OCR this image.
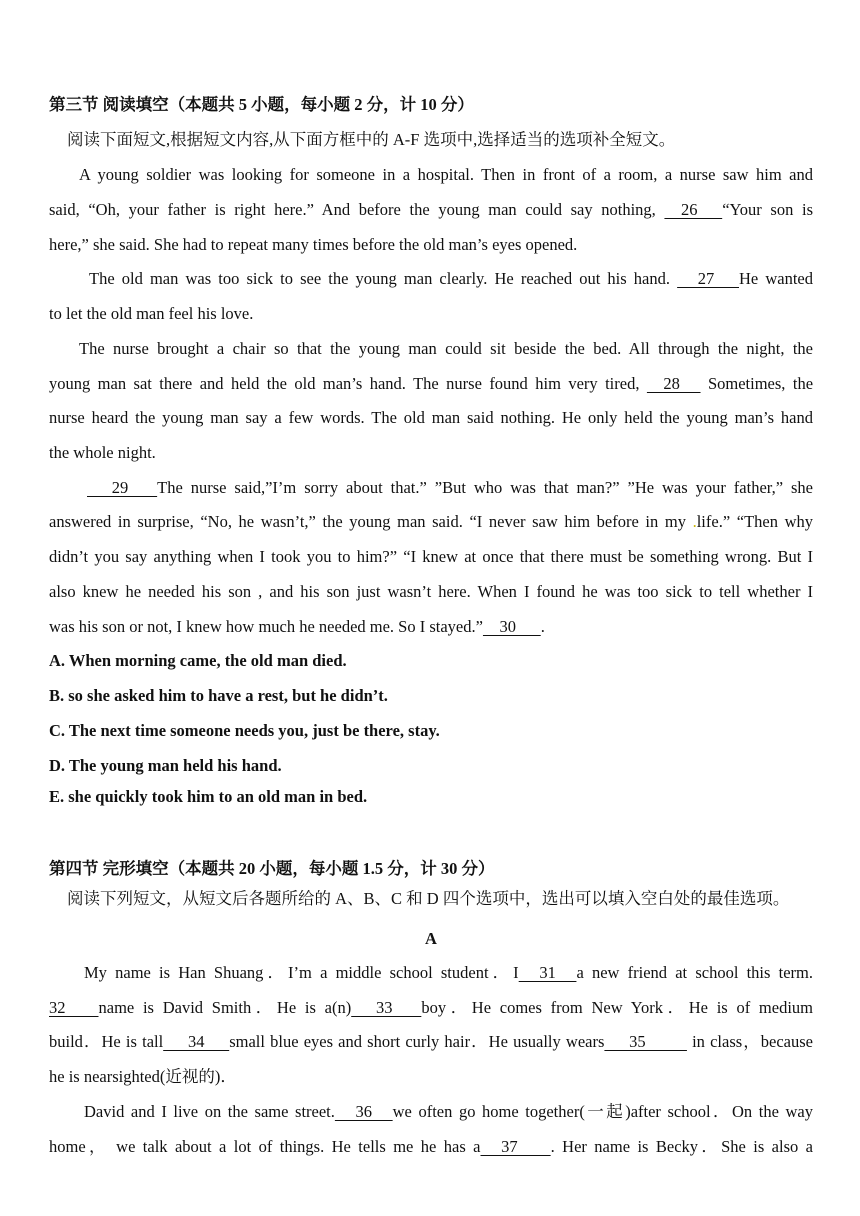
第三节 阅读填空（本题共 5 小题，每小题 2 分，计 10 分）
阅读下面短文,根据短文内容,从下面方框中的 A-F 选项中,选择适当的选项补全短文。
A young soldier was looking for someone in a hospital. Then in front of a room, a nurse saw him and
said, “Oh, your father is right here.” And before the young man could say nothing,     26      “Your son is
here,” she said. She had to repeat many times before the old man’s eyes opened.
The old man was too sick to see the young man clearly. He reached out his hand.      27      He wanted
to let the old man feel his love.
The nurse brought a chair so that the young man could sit beside the bed. All through the night, the
young man sat there and held the old man’s hand. The nurse found him very tired,     28      Sometimes, the
nurse heard the young man say a few words. The old man said nothing. He only held the young man’s hand
the whole night.
29       The nurse said,”I’m sorry about that.” ”But who was that man?” ”He was your father,” she
answered in surprise, “No, he wasn’t,” the young man said. “I never saw him before in my .life.” “Then why
didn’t you say anything when I took you to him?” “I knew at once that there must be something wrong. But I
also knew he needed his son , and his son just wasn’t here. When I found he was too sick to tell whether I
was his son or not, I knew how much he needed me. So I stayed.”    30      .
A. When morning came, the old man died.
B. so she asked him to have a rest, but he didn’t.
C. The next time someone needs you, just be there, stay.
D. The young man held his hand.
E. she quickly took him to an old man in bed.
第四节 完形填空（本题共 20 小题，每小题 1.5 分，计 30 分）
阅读下列短文，从短文后各题所给的 A、B、C 和 D 四个选项中，选出可以填入空白处的最佳选项。
A
My name is Han Shuang．I’m a middle school student．I     31     a new friend at school this term.
32        name is David Smith．He is a(n)      33       boy．He comes from New York．He is of medium
build．He is tall      34      small blue eyes and short curly hair．He usually wears      35           in class，because
he is nearsighted(近视的)．
David and I live on the same street.     36     we often go home together(一起)after school．On the way
home， we talk about a lot of things. He tells me he has a     37        . Her name is Becky．She is also a
